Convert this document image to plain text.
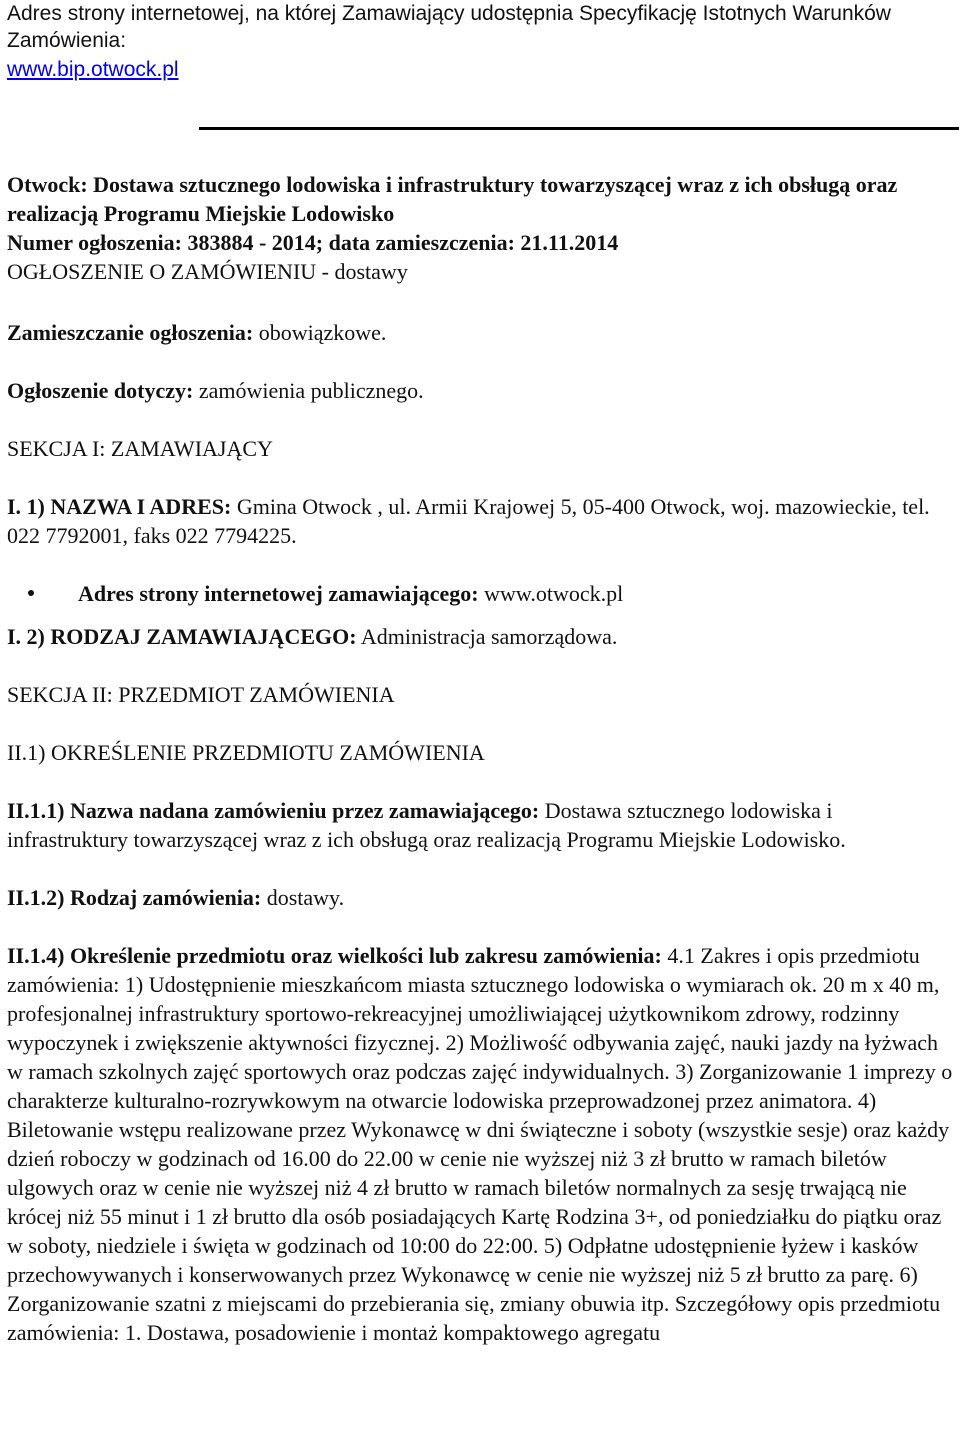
Adres strony internetowej, na której Zamawiający udostępnia Specyfikację Istotnych Warunków Zamówienia:

www.bip.otwock.pl

Otwock: Dostawa sztucznego lodowiska i infrastruktury towarzyszącej wraz z ich obsługą oraz realizacją Programu Miejskie Lodowisko

Numer ogłoszenia: 383884 - 2014; data zamieszczenia: 21.11.2014

OGŁOSZENIE O ZAMÓWIENIU - dostawy

Zamieszczanie ogłoszenia: obowiązkowe.

Ogłoszenie dotyczy: zamówienia publicznego.

SEKCJA I: ZAMAWIAJĄCY

I. 1) NAZWA I ADRES: Gmina Otwock , ul. Armii Krajowej 5, 05-400 Otwock, woj. mazowieckie, tel. 022 7792001, faks 022 7794225.

Adres strony internetowej zamawiającego: www.otwock.pl

I. 2) RODZAJ ZAMAWIAJĄCEGO: Administracja samorządowa.

SEKCJA II: PRZEDMIOT ZAMÓWIENIA

II.1) OKREŚLENIE PRZEDMIOTU ZAMÓWIENIA

II.1.1) Nazwa nadana zamówieniu przez zamawiającego: Dostawa sztucznego lodowiska i infrastruktury towarzyszącej wraz z ich obsługą oraz realizacją Programu Miejskie Lodowisko.

II.1.2) Rodzaj zamówienia: dostawy.

II.1.4) Określenie przedmiotu oraz wielkości lub zakresu zamówienia: 4.1 Zakres i opis przedmiotu zamówienia: 1) Udostępnienie mieszkańcom miasta sztucznego lodowiska o wymiarach ok. 20 m x 40 m, profesjonalnej infrastruktury sportowo-rekreacyjnej umożliwiającej użytkownikom zdrowy, rodzinny wypoczynek i zwiększenie aktywności fizycznej. 2) Możliwość odbywania zajęć, nauki jazdy na łyżwach w ramach szkolnych zajęć sportowych oraz podczas zajęć indywidualnych. 3) Zorganizowanie 1 imprezy o charakterze kulturalno-rozrywkowym na otwarcie lodowiska przeprowadzonej przez animatora. 4) Biletowanie wstępu realizowane przez Wykonawcę w dni świąteczne i soboty (wszystkie sesje) oraz każdy dzień roboczy w godzinach od 16.00 do 22.00 w cenie nie wyższej niż 3 zł brutto w ramach biletów ulgowych oraz w cenie nie wyższej niż 4 zł brutto w ramach biletów normalnych za sesję trwającą nie krócej niż 55 minut i 1 zł brutto dla osób posiadających Kartę Rodzina 3+, od poniedziałku do piątku oraz w soboty, niedziele i święta w godzinach od 10:00 do 22:00. 5) Odpłatne udostępnienie łyżew i kasków przechowywanych i konserwowanych przez Wykonawcę w cenie nie wyższej niż 5 zł brutto za parę. 6) Zorganizowanie szatni z miejscami do przebierania się, zmiany obuwia itp. Szczegółowy opis przedmiotu zamówienia: 1. Dostawa, posadowienie i montaż kompaktowego agregatu
